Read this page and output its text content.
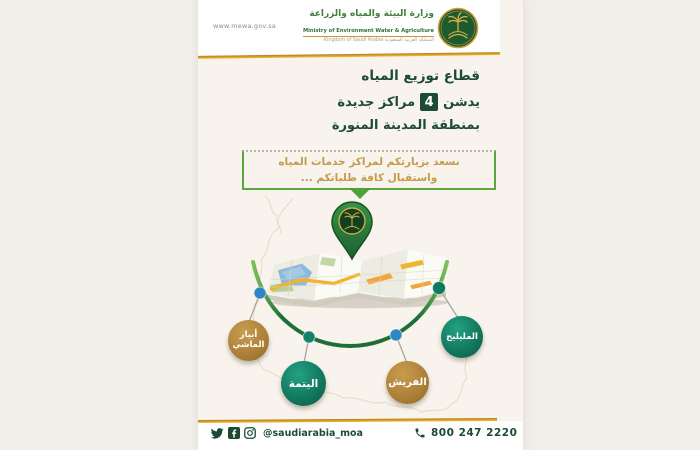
www.mewa.gov.sa
وزارة البيئة والمياه والزراعة
Ministry of Environment Water & Agriculture
Kingdom of Saudi Arabia المملكة العربية السعودية
قطاع توزيع المياه
يدشن
4
مراكز جديدة
بمنطقة المدينة المنورة
نسعد بزيارتكم لمراكز خدمات المياه
واستقبال كافة طلباتكم ...
أبيار
الماشي
اليتمة	الفريش
المليليح
@saudiarabia_moa	800 247 2220
